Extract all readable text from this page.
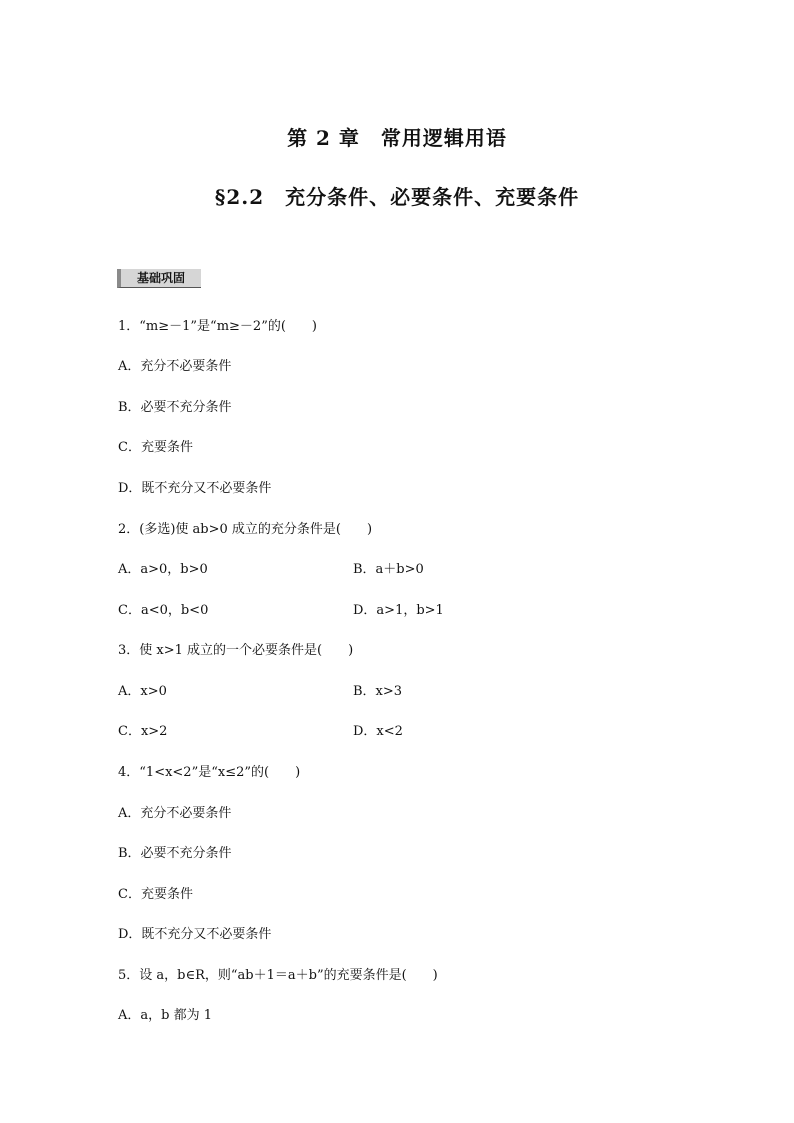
第 2 章　常用逻辑用语
§2.2　充分条件、必要条件、充要条件
基础巩固
1．“m≥－1”是“m≥－2”的(　　)
A．充分不必要条件
B．必要不充分条件
C．充要条件
D．既不充分又不必要条件
2．(多选)使 ab>0 成立的充分条件是(　　)
A．a>0，b>0	B．a＋b>0
C．a<0，b<0	D．a>1，b>1
3．使 x>1 成立的一个必要条件是(　　)
A．x>0	B．x>3
C．x>2	D．x<2
4．“1<x<2”是“x≤2”的(　　)
A．充分不必要条件
B．必要不充分条件
C．充要条件
D．既不充分又不必要条件
5．设 a，b∈R，则“ab＋1＝a＋b”的充要条件是(　　)
A．a，b 都为 1
